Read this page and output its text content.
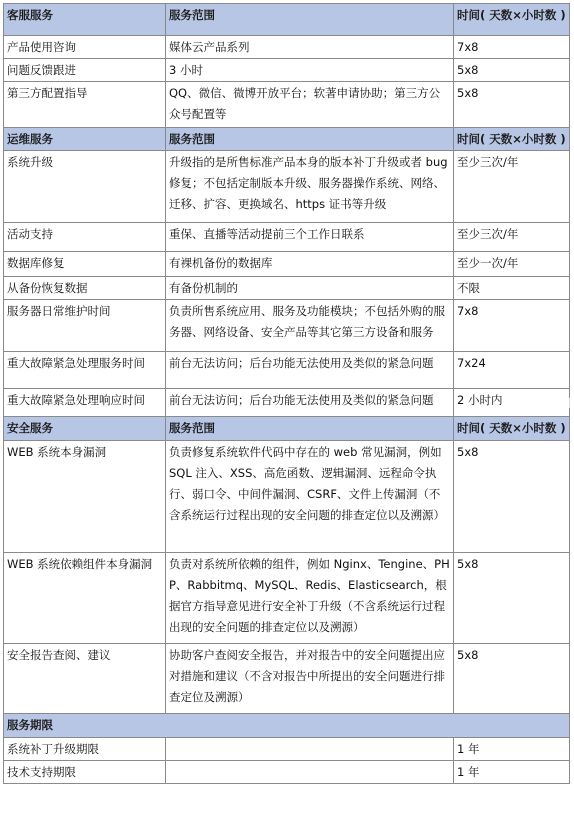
客服服务	服务范围	时间( 天数×小时数 )
产品使用咨询	媒体云产品系列	7x8
问题反馈跟进	3 小时	5x8
第三方配置指导	QQ、微信、微博开放平台；软著申请协助；第三方公众号配置等	5x8
运维服务	服务范围	时间( 天数×小时数 )
系统升级	升级指的是所售标准产品本身的版本补丁升级或者 bug 修复；不包括定制版本升级、服务器操作系统、网络、迁移、扩容、更换域名、https 证书等升级	至少三次/年
活动支持	重保、直播等活动提前三个工作日联系	至少三次/年
数据库修复	有裸机备份的数据库	至少一次/年
从备份恢复数据	有备份机制的	不限
服务器日常维护时间	负责所售系统应用、服务及功能模块；不包括外购的服务器、网络设备、安全产品等其它第三方设备和服务	7x8
重大故障紧急处理服务时间	前台无法访问；后台功能无法使用及类似的紧急问题	7x24
重大故障紧急处理响应时间	前台无法访问；后台功能无法使用及类似的紧急问题	2 小时内
安全服务	服务范围	时间( 天数×小时数 )
WEB 系统本身漏洞	负责修复系统软件代码中存在的 web 常见漏洞，例如 SQL 注入、XSS、高危函数、逻辑漏洞、远程命令执行、弱口令、中间件漏洞、CSRF、文件上传漏洞（不含系统运行过程出现的安全问题的排查定位以及溯源）	5x8
WEB 系统依赖组件本身漏洞	负责对系统所依赖的组件，例如 Nginx、Tengine、PHP、Rabbitmq、MySQL、Redis、Elasticsearch，根据官方指导意见进行安全补丁升级（不含系统运行过程出现的安全问题的排查定位以及溯源）	5x8
安全报告查阅、建议	协助客户查阅安全报告，并对报告中的安全问题提出应对措施和建议（不含对报告中所提出的安全问题进行排查定位及溯源）	5x8
服务期限		
系统补丁升级期限		1 年
技术支持期限		1 年
